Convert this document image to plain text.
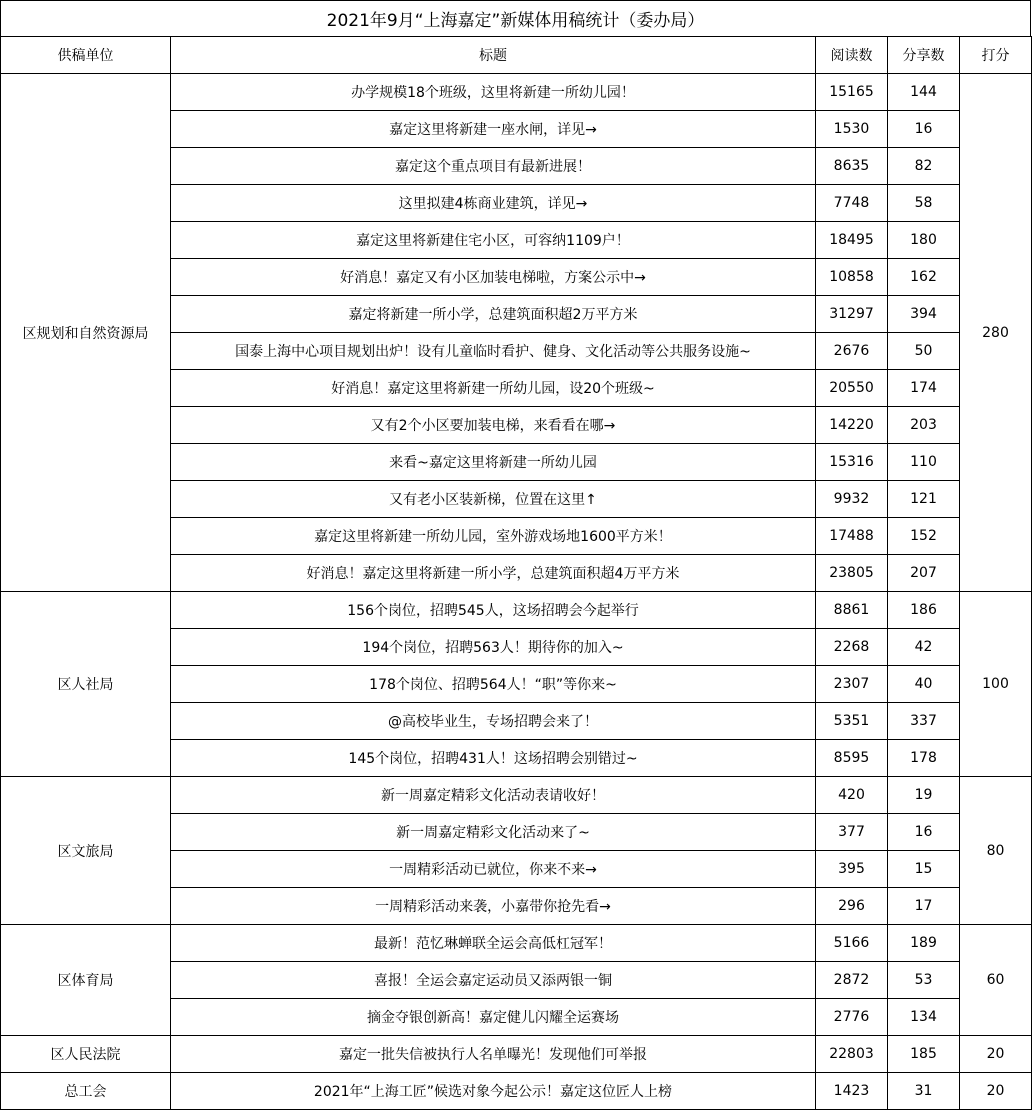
2021年9月“上海嘉定”新媒体用稿统计（委办局）
供稿单位	标题	阅读数	分享数	打分
区规划和自然资源局	办学规模18个班级，这里将新建一所幼儿园！	15165	144	280
	嘉定这里将新建一座水闸，详见→	1530	16	
	嘉定这个重点项目有最新进展！	8635	82	
	这里拟建4栋商业建筑，详见→	7748	58	
	嘉定这里将新建住宅小区，可容纳1109户！	18495	180	
	好消息！嘉定又有小区加装电梯啦，方案公示中→	10858	162	
	嘉定将新建一所小学，总建筑面积超2万平方米	31297	394	
	国泰上海中心项目规划出炉！设有儿童临时看护、健身、文化活动等公共服务设施~	2676	50	
	好消息！嘉定这里将新建一所幼儿园，设20个班级~	20550	174	
	又有2个小区要加装电梯，来看看在哪→	14220	203	
	来看~嘉定这里将新建一所幼儿园	15316	110	
	又有老小区装新梯，位置在这里↑	9932	121	
	嘉定这里将新建一所幼儿园，室外游戏场地1600平方米！	17488	152	
	好消息！嘉定这里将新建一所小学，总建筑面积超4万平方米	23805	207	
区人社局	156个岗位，招聘545人，这场招聘会今起举行	8861	186	100
	194个岗位，招聘563人！期待你的加入~	2268	42	
	178个岗位、招聘564人！“职”等你来~	2307	40	
	@高校毕业生，专场招聘会来了！	5351	337	
	145个岗位，招聘431人！这场招聘会别错过~	8595	178	
区文旅局	新一周嘉定精彩文化活动表请收好！	420	19	80
	新一周嘉定精彩文化活动来了~	377	16	
	一周精彩活动已就位，你来不来→	395	15	
	一周精彩活动来袭，小嘉带你抢先看→	296	17	
区体育局	最新！范忆琳蝉联全运会高低杠冠军！	5166	189	60
	喜报！全运会嘉定运动员又添两银一铜	2872	53	
	摘金夺银创新高！嘉定健儿闪耀全运赛场	2776	134	
区人民法院	嘉定一批失信被执行人名单曝光！发现他们可举报	22803	185	20
总工会	2021年“上海工匠”候选对象今起公示！嘉定这位匠人上榜	1423	31	20
